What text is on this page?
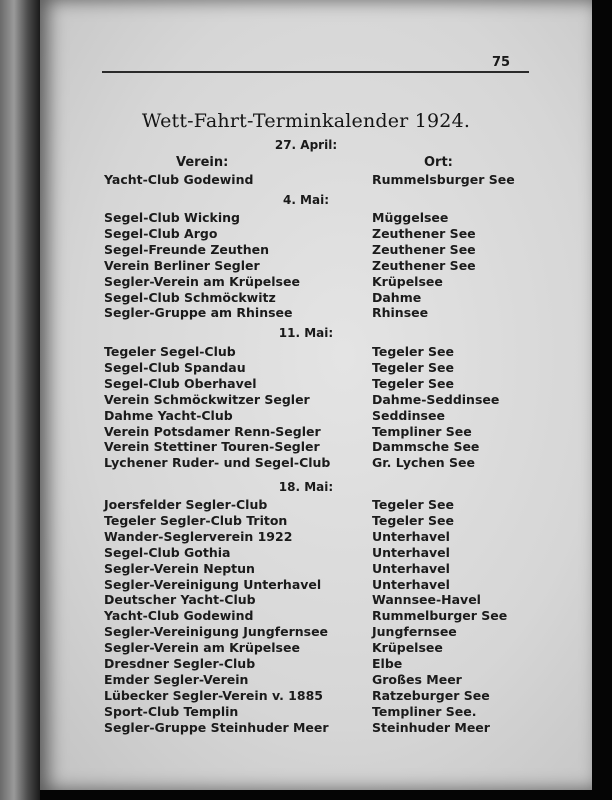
75
Wett-Fahrt-Terminkalender 1924.
Verein:	Ort:
27. April:
Yacht-Club Godewind	Rummelsburger See
4. Mai:
Segel-Club Wicking	Müggelsee
Segel-Club Argo	Zeuthener See
Segel-Freunde Zeuthen	Zeuthener See
Verein Berliner Segler	Zeuthener See
Segler-Verein am Krüpelsee	Krüpelsee
Segel-Club Schmöckwitz	Dahme
Segler-Gruppe am Rhinsee	Rhinsee
11. Mai:
Tegeler Segel-Club	Tegeler See
Segel-Club Spandau	Tegeler See
Segel-Club Oberhavel	Tegeler See
Verein Schmöckwitzer Segler	Dahme-Seddinsee
Dahme Yacht-Club	Seddinsee
Verein Potsdamer Renn-Segler	Templiner See
Verein Stettiner Touren-Segler	Dammsche See
Lychener Ruder- und Segel-Club	Gr. Lychen See
18. Mai:
Joersfelder Segler-Club	Tegeler See
Tegeler Segler-Club Triton	Tegeler See
Wander-Seglerverein 1922	Unterhavel
Segel-Club Gothia	Unterhavel
Segler-Verein Neptun	Unterhavel
Segler-Vereinigung Unterhavel	Unterhavel
Deutscher Yacht-Club	Wannsee-Havel
Yacht-Club Godewind	Rummelburger See
Segler-Vereinigung Jungfernsee	Jungfernsee
Segler-Verein am Krüpelsee	Krüpelsee
Dresdner Segler-Club	Elbe
Emder Segler-Verein	Großes Meer
Lübecker Segler-Verein v. 1885	Ratzeburger See
Sport-Club Templin	Templiner See.
Segler-Gruppe Steinhuder Meer	Steinhuder Meer
